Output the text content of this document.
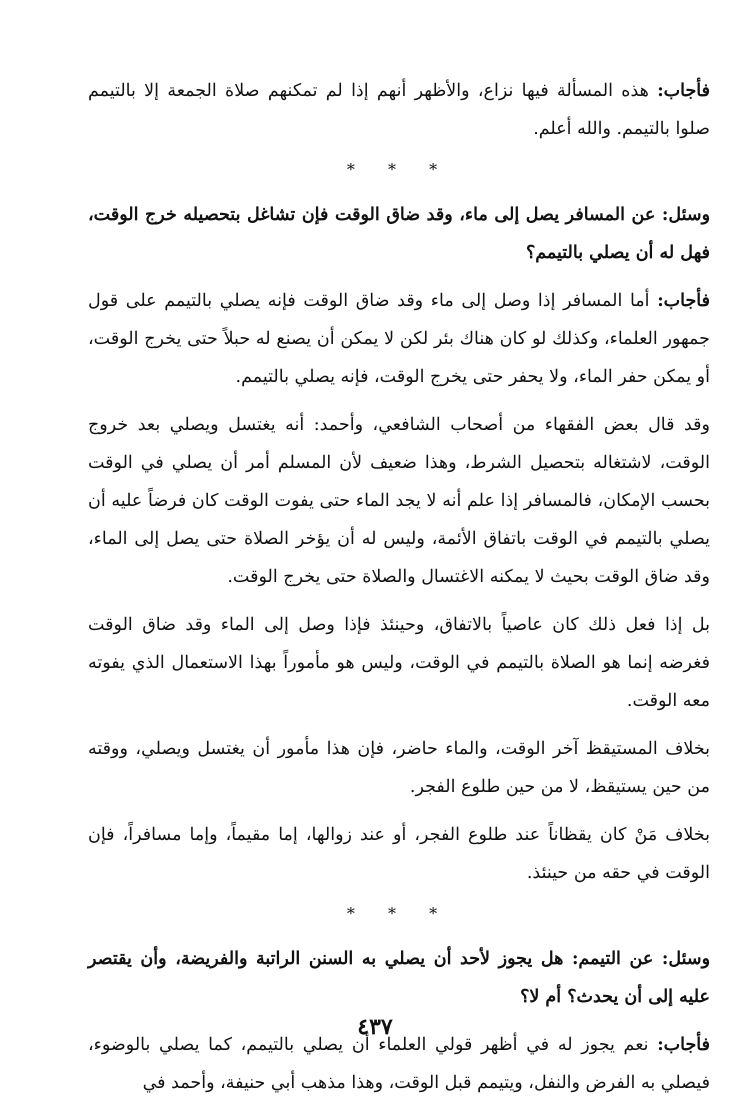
فأجاب: هذه المسألة فيها نزاع، والأظهر أنهم إذا لم تمكنهم صلاة الجمعة إلا بالتيمم صلوا بالتيمم. والله أعلم.

* * *

وسئل: عن المسافر يصل إلى ماء، وقد ضاق الوقت فإن تشاغل بتحصيله خرج الوقت، فهل له أن يصلي بالتيمم؟

فأجاب: أما المسافر إذا وصل إلى ماء وقد ضاق الوقت فإنه يصلي بالتيمم على قول جمهور العلماء، وكذلك لو كان هناك بئر لكن لا يمكن أن يصنع له حبلاً حتى يخرج الوقت، أو يمكن حفر الماء، ولا يحفر حتى يخرج الوقت، فإنه يصلي بالتيمم.

وقد قال بعض الفقهاء من أصحاب الشافعي، وأحمد: أنه يغتسل ويصلي بعد خروج الوقت، لاشتغاله بتحصيل الشرط، وهذا ضعيف لأن المسلم أمر أن يصلي في الوقت بحسب الإمكان، فالمسافر إذا علم أنه لا يجد الماء حتى يفوت الوقت كان فرضاً عليه أن يصلي بالتيمم في الوقت باتفاق الأئمة، وليس له أن يؤخر الصلاة حتى يصل إلى الماء، وقد ضاق الوقت بحيث لا يمكنه الاغتسال والصلاة حتى يخرج الوقت.

بل إذا فعل ذلك كان عاصياً بالاتفاق، وحينئذ فإذا وصل إلى الماء وقد ضاق الوقت فغرضه إنما هو الصلاة بالتيمم في الوقت، وليس هو مأموراً بهذا الاستعمال الذي يفوته معه الوقت.

بخلاف المستيقظ آخر الوقت، والماء حاضر، فإن هذا مأمور أن يغتسل ويصلي، ووقته من حين يستيقظ، لا من حين طلوع الفجر.

بخلاف مَنْ كان يقظاناً عند طلوع الفجر، أو عند زوالها، إما مقيماً، وإما مسافراً، فإن الوقت في حقه من حينئذ.

* * *

وسئل: عن التيمم: هل يجوز لأحد أن يصلي به السنن الراتبة والفريضة، وأن يقتصر عليه إلى أن يحدث؟ أم لا؟

فأجاب: نعم يجوز له في أظهر قولي العلماء أن يصلي بالتيمم، كما يصلي بالوضوء، فيصلي به الفرض والنفل، ويتيمم قبل الوقت، وهذا مذهب أبي حنيفة، وأحمد في

٤٣٧
